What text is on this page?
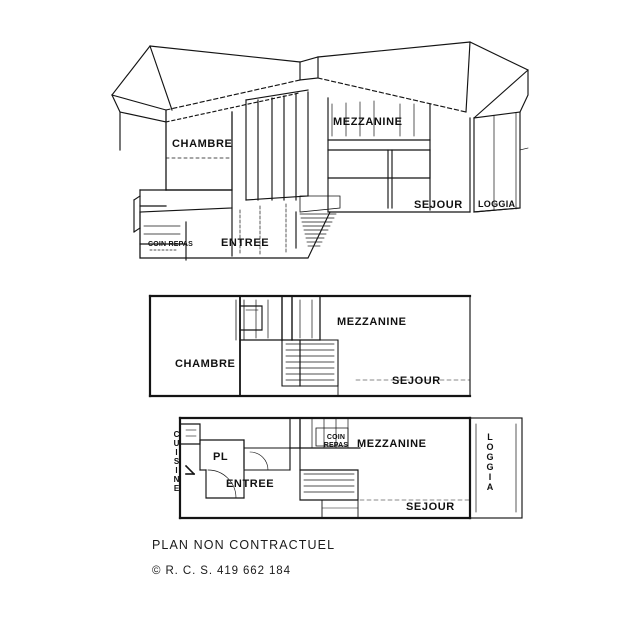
CHAMBRE
MEZZANINE
SEJOUR LOGGIA
ENTREE
COIN REPAS
MEZZANINE
CHAMBRE
SEJOUR
MEZZANINE
PL
ENTREE
SEJOUR
COIN REPAS	LOGGIA
CUISINE
PLAN NON CONTRACTUEL
© R. C. S. 419 662 184
